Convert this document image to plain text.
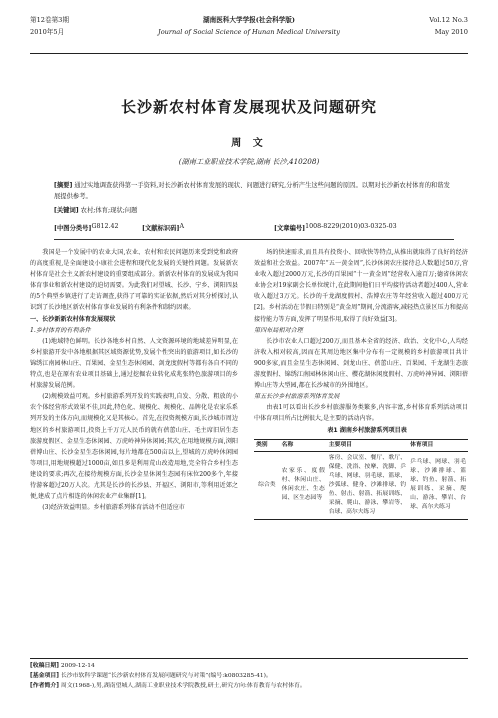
第12卷第3期
2010年5月
湖南医科大学学报(社会科学版)
Journal of Social Science of Hunan Medical University
Vol.12 No.3
May 2010
长沙新农村体育发展现状及问题研究
周 文
(湖南工业职业技术学院,湖南 长沙,410208)
[摘要] 通过实地调查获得第一手资料,对长沙新农村体育发展的现状、问题进行研究,分析产生这些问题的原因。以期对长沙新农村体育的和谐发展提供参考。
[关键词] 农村;体育;现状;问题
[中图分类号] G812.42	[文献标识码] A	[文章编号] 1008-8229(2010)03-0325-03

我国是一个发展中的农业大国,农业、农村和农民问题历来受到党和政府的高度重视,是全面建设小康社会进程和现代化发展的关键性问题。发展新农村体育是社会主义新农村建设的重要组成部分。新新农村体育的发展成为我国体育事业和新农村建设的迫切需要。为此我们对望城、长沙、宁乡、浏阳四县的5个典型乡镇进行了走访调查,获得了可靠的实证依据,然后对其分析探讨,认识到了长沙地区新农村体育事业发展的有利条件和制约因素。

一、长沙新新农村体育发展现状

1.乡村体育的有利条件

(1)地域特色鲜明。长沙各地乡村自然、人文资源环境的地域差异明显,在乡村旅游开发中各地根据其区域资源优势,发展个性突出的旅游项目,如长沙的锦绣江南园林山庄、百果园、金星生态休闲园、剑龙度假村等都有各自不同的特点,也是在原有农业项目基础上,通过挖掘农业转化成兆张特色旅游项目的乡村旅游发展范例。

(2)规模效益可观。乡村旅游系列开发的实践表明,自发、分散、粗放的小农个体经营形式效果不佳,因此,特色化、规模化、规模化、品牌化是农家乐系列开发的主体方向,而规模化又是其核心。首先,在投资规模方面,长沙城市周边地区的乡村旅游项目,投资上千万元人民币的就有蓓蕾山庄、毛主席旧居生态旅游度假区、金星生态休闲园、万虎岭神异休闲园;其次,在用地规模方面,浏阳蓓博山庄、长沙金星生态休闲园,每片地都在500亩以上,望城的万虎岭休闲园等项目,用地规模超过1000亩,如且多是利用荒山改造用地,完全符合乡村生态建设的要求;再次,在接待规模方面,长沙金星休闲生态园有床位200多个,年接待游客超过20万人次。尤其是长沙的长沙县、开福区、浏阳市,等利用近郊之便,建成了点片相连的休闲农业产业集群[1]。

(3)经济效益明显。乡村旅游系列体育活动不但适应市

场的快速需求,而且具有投资小、回收快等特点,从推出就取得了良好的经济效益和社会效益。2007年“五一黄金周”,长沙休闲农庄接待总人数超过50万,营业收入超过2000万元,长沙的百果园“十一黄金周”经营收入逾百万;德省休闲农业协会对19家副会长单位统计,在此期间他们日平均接待活动者超过400人,营业收入超过3万元。长沙的千龙湖度假村、浩博农庄等年经营收入超过400万元[2]。乡村活动在节假日特别是“黄金周”期间,分流游客,减轻热点景区压力和提高接待能力等方面,发挥了明显作用,取得了良好效益[3]。

第四布局相对合理

长沙市农业人口超过200万,而且基本全省的经济、政治、文化中心,人均经济收入相对较高,因而在其周边地区集中分布有一定规模的乡村旅游项目共计900多家,而且金星生态休闲园、剑龙山庄、蓓蕾山庄、百果园、千龙湖生态旅游度假村、锦绣江南园林休闲山庄、樱花湖休闲度假村、万虎岭神异园、浏阳蓓博山庄等大型园,都在长沙城市的外围地区。

第五长沙乡村旅游系列体育发展

由表1可以看出长沙乡村旅游服务类繁多,内容丰富,乡村体育系列活动项目中体育项目所占比例很大,是主要的活动内容。

表1 湖南乡村旅游系列项目表

类别	名称	主要项目	体育项目
综合类	农家乐、度假村、休闲山庄、休闲农庄、生态园、区生态园等	客房、会议室、餐厅、歌厅、保健、洗浴、按摩、洗脚、乒乓球、网球、羽毛球、篮球、沙弧球、健身、沙滩排球、钓鱼、射击、射箭、拓展训练、采摘、爬山、游泳、攀岩等、台球、高尔夫练习	乒乓球、网球、羽毛球、沙滩排球、篮球、钓鱼、射箭、拓展训练、采摘、爬山、游泳、攀岩、台球、高尔夫练习
[收稿日期] 2009-12-14
[基金项目] 长沙市软科学课题“长沙新农村体育发展问题研究与对策”(编号:k0803285-41)。
[作者简介] 周文(1968-),男,湖南望城人,湖南工业职业技术学院教授,研士,研究方向:体育教育与农村体育。
